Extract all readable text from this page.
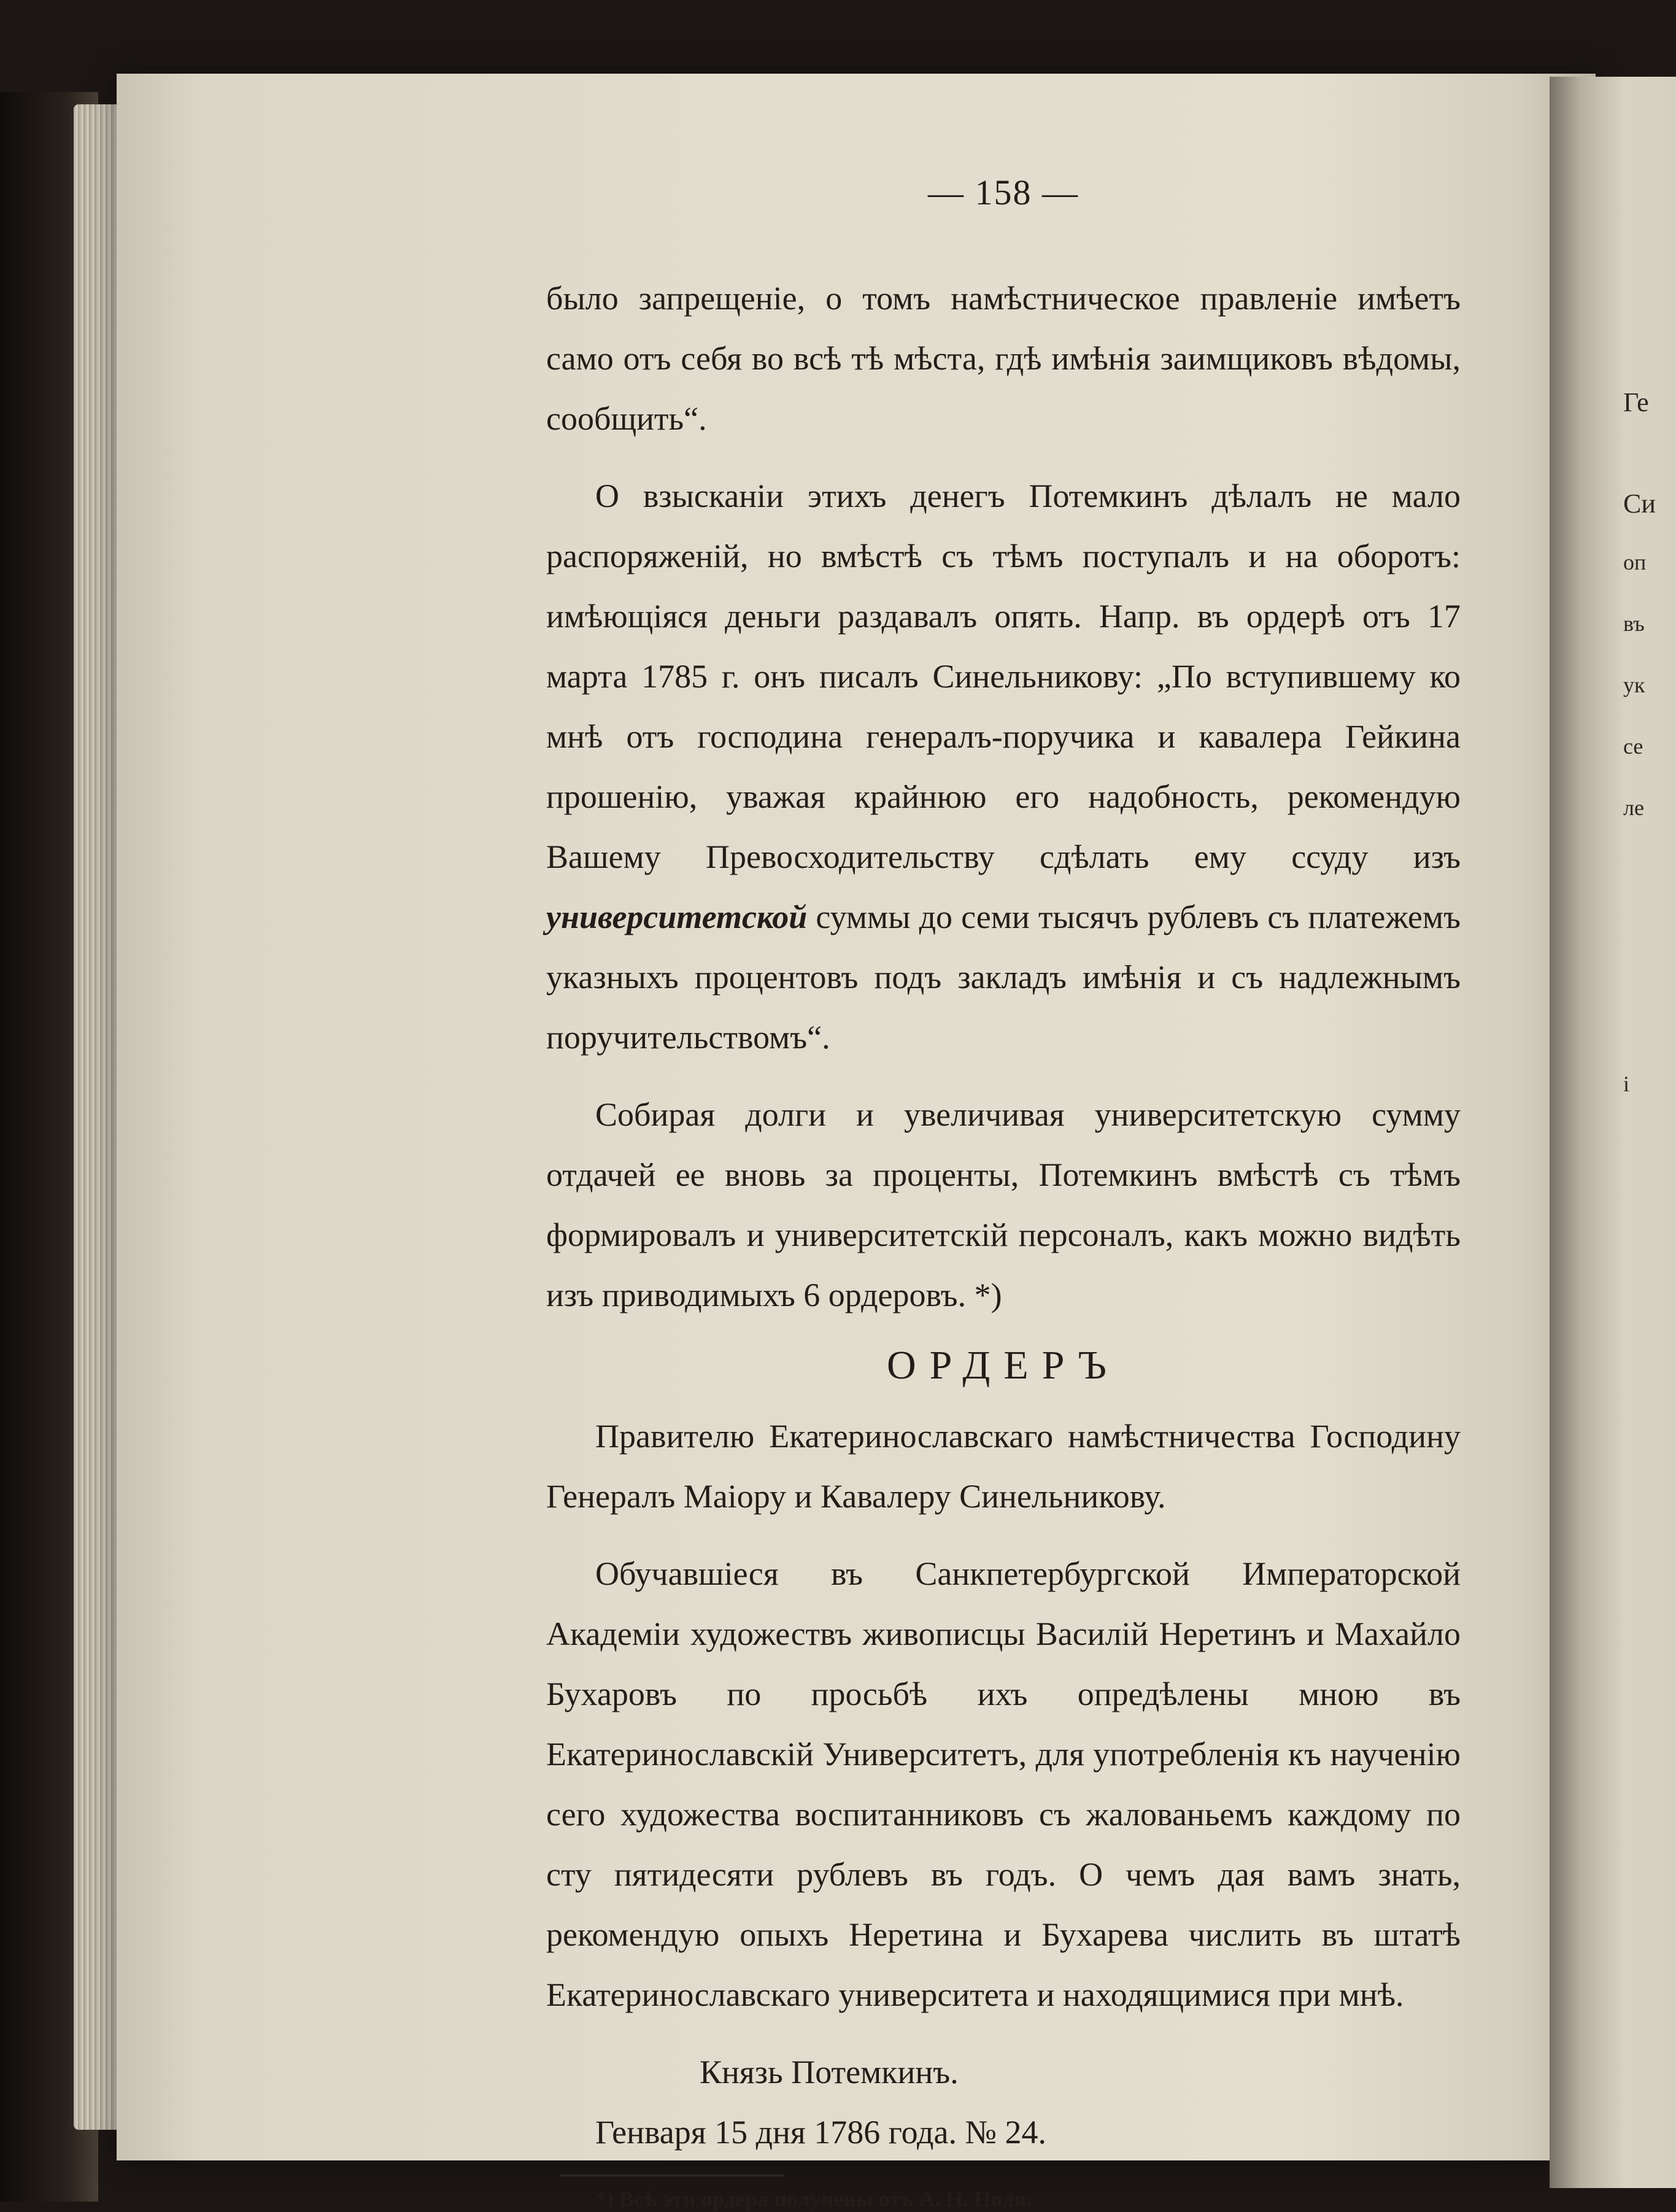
Ге
Си
оп
въ
ук
се
ле
і
— 158 —

было запрещеніе, о томъ намѣстническое правленіе имѣетъ само отъ себя во всѣ тѣ мѣста, гдѣ имѣнія заимщиковъ вѣдомы, сообщить“.

О взысканіи этихъ денегъ Потемкинъ дѣлалъ не мало распоряженій, но вмѣстѣ съ тѣмъ поступалъ и на оборотъ: имѣющіяся деньги раздавалъ опять. Напр. въ ордерѣ отъ 17 марта 1785 г. онъ писалъ Синельникову: „По вступившему ко мнѣ отъ господина генералъ-поручика и кавалера Гейкина прошенію, уважая крайнюю его надобность, рекомендую Вашему Превосходительству сдѣлать ему ссуду изъ университетской суммы до семи тысячъ рублевъ съ платежемъ указныхъ процентовъ подъ закладъ имѣнія и съ надлежнымъ поручительствомъ“.

Собирая долги и увеличивая университетскую сумму отдачей ее вновь за проценты, Потемкинъ вмѣстѣ съ тѣмъ формировалъ и университетскій персоналъ, какъ можно видѣть изъ приводимыхъ 6 ордеровъ. *)

ОРДЕРЪ

Правителю Екатеринославскаго намѣстничества Господину Генералъ Маіору и Кавалеру Синельникову.

Обучавшіеся въ Санкпетербургской Императорской Академіи художествъ живописцы Василій Неретинъ и Махайло Бухаровъ по просьбѣ ихъ опредѣлены мною въ Екатеринославскій Университетъ, для употребленія къ наученію сего художества воспитанниковъ съ жалованьемъ каждому по сту пятидесяти рублевъ въ годъ. О чемъ дая вамъ знать, рекомендую опыхъ Неретина и Бухарева числить въ штатѣ Екатеринославскаго университета и находящимися при мнѣ.

Князь Потемкинъ.

Генваря 15 дня 1786 года. № 24.

*) Всѣ эти ордера получены отъ А. Н. Поля.
